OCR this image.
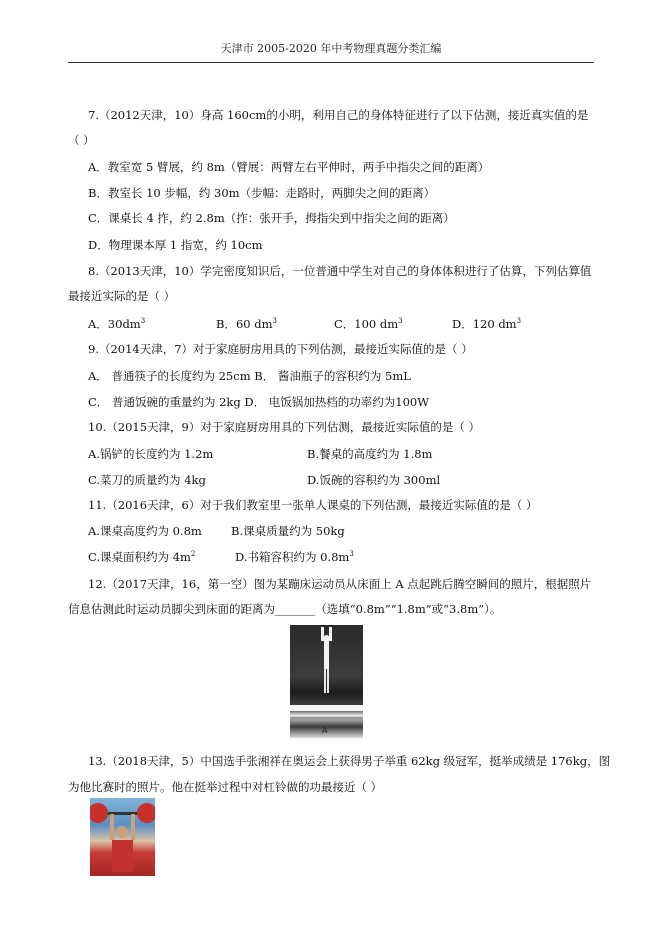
天津市 2005-2020 年中考物理真题分类汇编
7.（2012天津，10）身高 160cm的小明，利用自己的身体特征进行了以下估测，接近真实值的是
（ ）
A．教室宽 5 臂展，约 8m（臂展：两臂左右平伸时，两手中指尖之间的距离）
B．教室长 10 步幅，约 30m（步幅：走路时，两脚尖之间的距离）
C．课桌长 4 拃，约 2.8m（拃：张开手，拇指尖到中指尖之间的距离）
D．物理课本厚 1 指宽，约 10cm
8.（2013天津，10）学完密度知识后，一位普通中学生对自己的身体体积进行了估算，下列估算值
最接近实际的是（ ）
A．$30dm^3$	B．60 $dm^3$	C．100 $dm^3$	D．120 $dm^3$
9.（2014天津，7）对于家庭厨房用具的下列估测，最接近实际值的是（ ）
A． 普通筷子的长度约为 25cm B． 酱油瓶子的容积约为 5mL
C． 普通饭碗的重量约为 2kg D． 电饭锅加热档的功率约为100W
10.（2015天津，9）对于家庭厨房用具的下列估测，最接近实际值的是（ ）
A.锅铲的长度约为 1.2m	B.餐桌的高度约为 1.8m
C.菜刀的质量约为 4kg	D.饭碗的容积约为 300ml
11.（2016天津，6）对于我们教室里一张单人课桌的下列估测，最接近实际值的是（ ）
A.课桌高度约为 0.8m	B.课桌质量约为 50kg
C.课桌面积约为 $4m^2$	D.书箱容积约为 $0.8m^3$
12.（2017天津，16，第一空）图为某蹦床运动员从床面上 A 点起跳后腾空瞬间的照片，根据照片
信息估测此时运动员脚尖到床面的距离为_______（选填“0.8m”“1.8m”或“3.8m”）。
A
13.（2018天津，5）中国选手张湘祥在奥运会上获得男子举重 62kg 级冠军，挺举成绩是 176kg，图
为他比赛时的照片。他在挺举过程中对杠铃做的功最接近（ ）
